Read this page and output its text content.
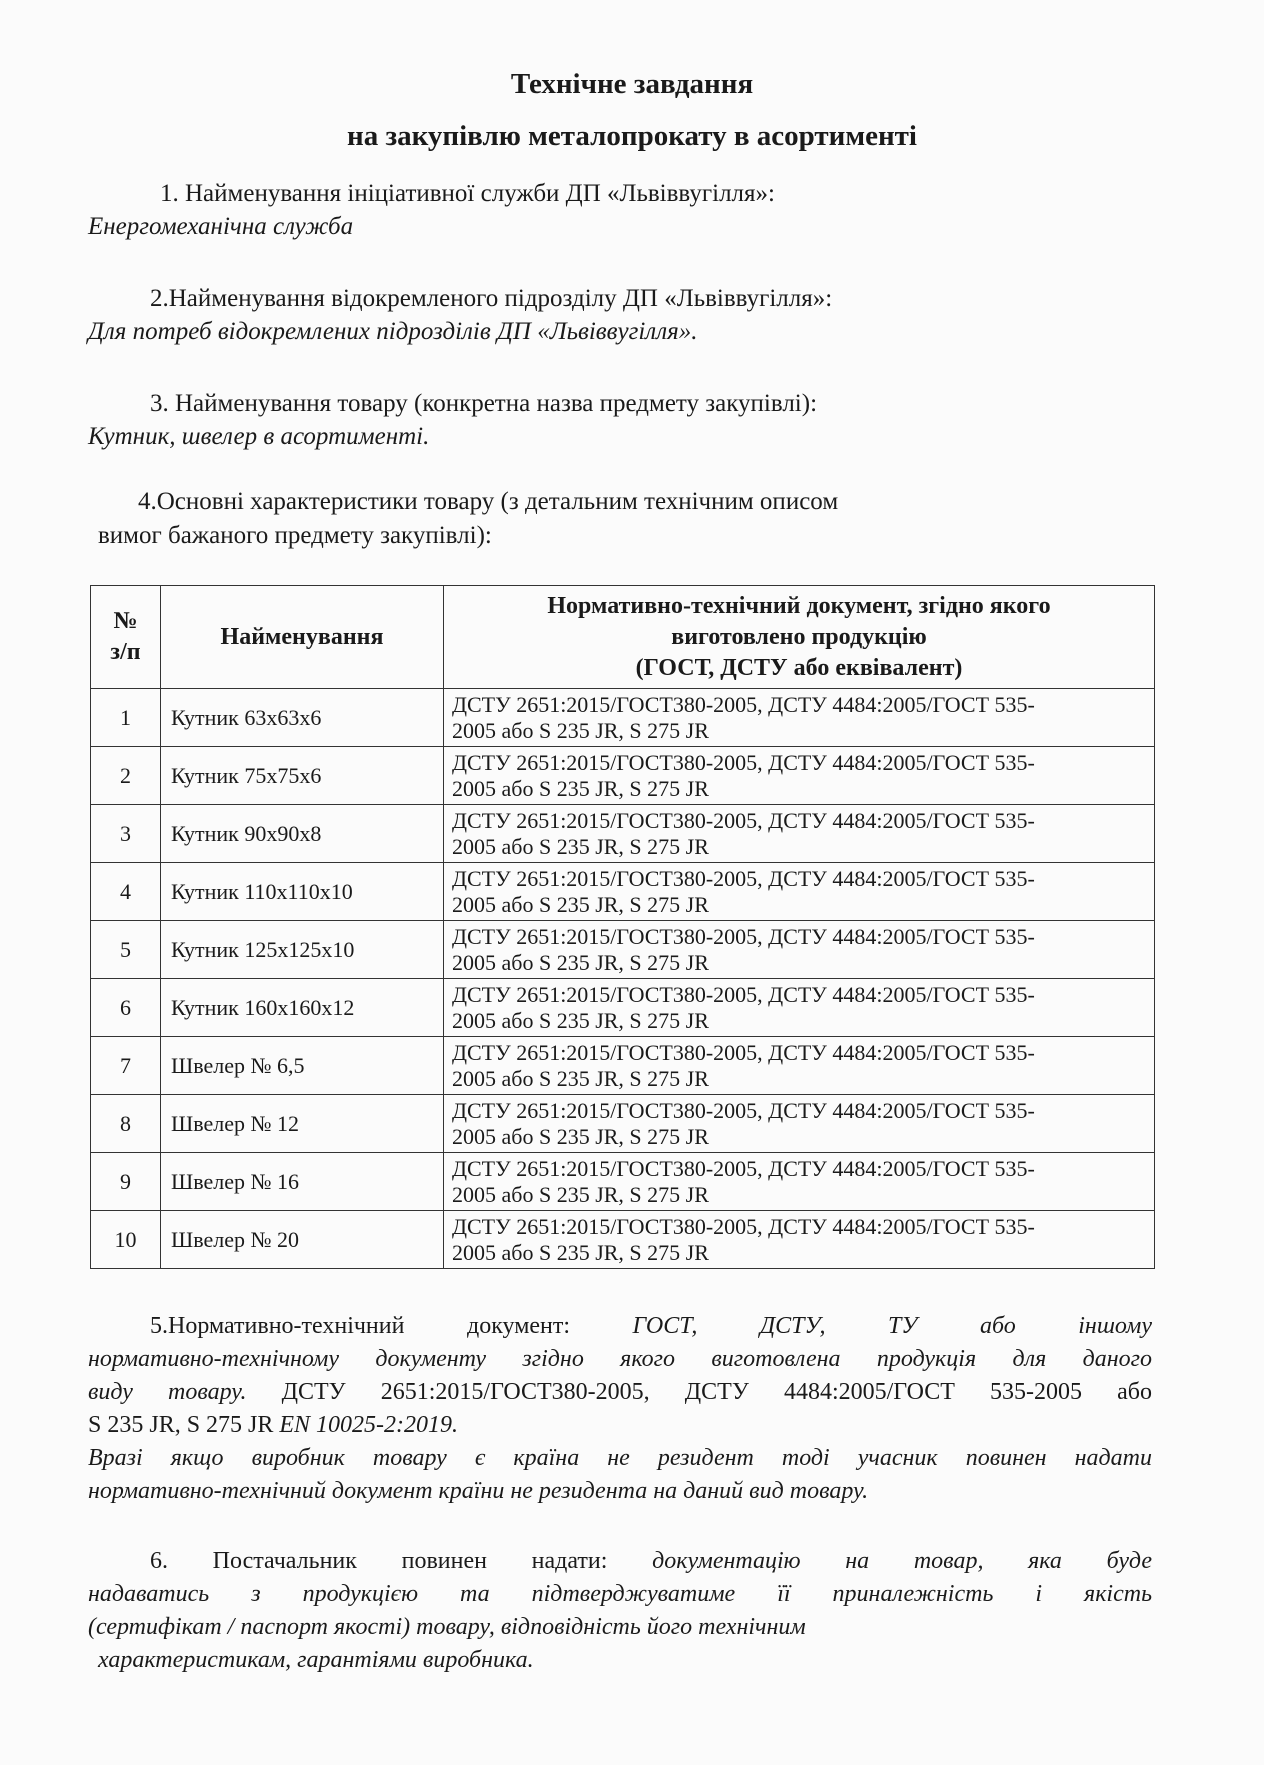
Технічне завдання
на закупівлю металопрокату в асортименті
1. Найменування ініціативної служби ДП «Львіввугілля»:
Енергомеханічна служба
2.Найменування відокремленого підрозділу ДП «Львіввугілля»:
Для потреб відокремлених підрозділів ДП «Львіввугілля».
3. Найменування товару (конкретна назва предмету закупівлі):
Кутник, швелер в асортименті.
4.Основні характеристики товару (з детальним технічним описом
вимог бажаного предмету закупівлі):
№
з/п	Найменування	Нормативно-технічний документ, згідно якого
виготовлено продукцію
(ГОСТ, ДСТУ або еквівалент)
1	Кутник 63х63х6	ДСТУ 2651:2015/ГОСТ380-2005, ДСТУ 4484:2005/ГОСТ 535-
2005 або S 235 JR, S 275 JR
2	Кутник 75х75х6	ДСТУ 2651:2015/ГОСТ380-2005, ДСТУ 4484:2005/ГОСТ 535-
2005 або S 235 JR, S 275 JR
3	Кутник 90х90х8	ДСТУ 2651:2015/ГОСТ380-2005, ДСТУ 4484:2005/ГОСТ 535-
2005 або S 235 JR, S 275 JR
4	Кутник 110х110х10	ДСТУ 2651:2015/ГОСТ380-2005, ДСТУ 4484:2005/ГОСТ 535-
2005 або S 235 JR, S 275 JR
5	Кутник 125х125х10	ДСТУ 2651:2015/ГОСТ380-2005, ДСТУ 4484:2005/ГОСТ 535-
2005 або S 235 JR, S 275 JR
6	Кутник 160х160х12	ДСТУ 2651:2015/ГОСТ380-2005, ДСТУ 4484:2005/ГОСТ 535-
2005 або S 235 JR, S 275 JR
7	Швелер № 6,5	ДСТУ 2651:2015/ГОСТ380-2005, ДСТУ 4484:2005/ГОСТ 535-
2005 або S 235 JR, S 275 JR
8	Швелер № 12	ДСТУ 2651:2015/ГОСТ380-2005, ДСТУ 4484:2005/ГОСТ 535-
2005 або S 235 JR, S 275 JR
9	Швелер № 16	ДСТУ 2651:2015/ГОСТ380-2005, ДСТУ 4484:2005/ГОСТ 535-
2005 або S 235 JR, S 275 JR
10	Швелер № 20	ДСТУ 2651:2015/ГОСТ380-2005, ДСТУ 4484:2005/ГОСТ 535-
2005 або S 235 JR, S 275 JR
5.Нормативно-технічний документ:	ГОСТ, ДСТУ, ТУ або іншому
нормативно-технічному документу згідно якого виготовлена продукція для даного
виду товару. ДСТУ 2651:2015/ГОСТ380-2005, ДСТУ 4484:2005/ГОСТ 535-2005 або
S 235 JR, S 275 JR EN 10025-2:2019.
Вразі якщо виробник товару є країна не резидент тоді учасник повинен надати
нормативно-технічний документ країни не резидента на даний вид товару.
6. Постачальник повинен надати: документацію на товар, яка буде
надаватись з продукцією та підтверджуватиме її приналежність і якість
(сертифікат / паспорт якості) товару, відповідність його технічним
характеристикам, гарантіями виробника.
